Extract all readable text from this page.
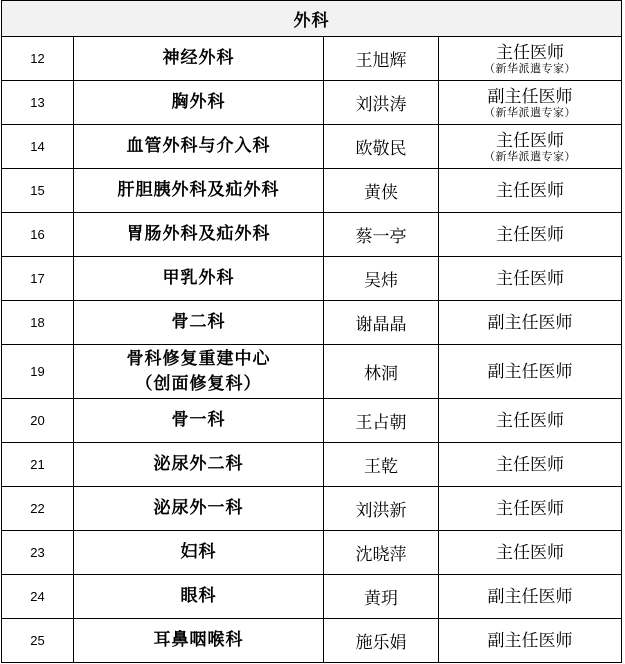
外科			
12	神经外科	王旭辉	主任医师
（新华派遣专家）

13	胸外科	刘洪涛	副主任医师
（新华派遣专家）

14	血管外科与介入科	欧敬民	主任医师
（新华派遣专家）

15	肝胆胰外科及疝外科	黄侠	主任医师

16	胃肠外科及疝外科	蔡一亭	主任医师

17	甲乳外科	吴炜	主任医师

18	骨二科	谢晶晶	副主任医师

19	骨科修复重建中心
（创面修复科）	林洞	副主任医师

20	骨一科	王占朝	主任医师

21	泌尿外二科	王乾	主任医师

22	泌尿外一科	刘洪新	主任医师

23	妇科	沈晓萍	主任医师

24	眼科	黄玥	副主任医师

25	耳鼻咽喉科	施乐娟	副主任医师
